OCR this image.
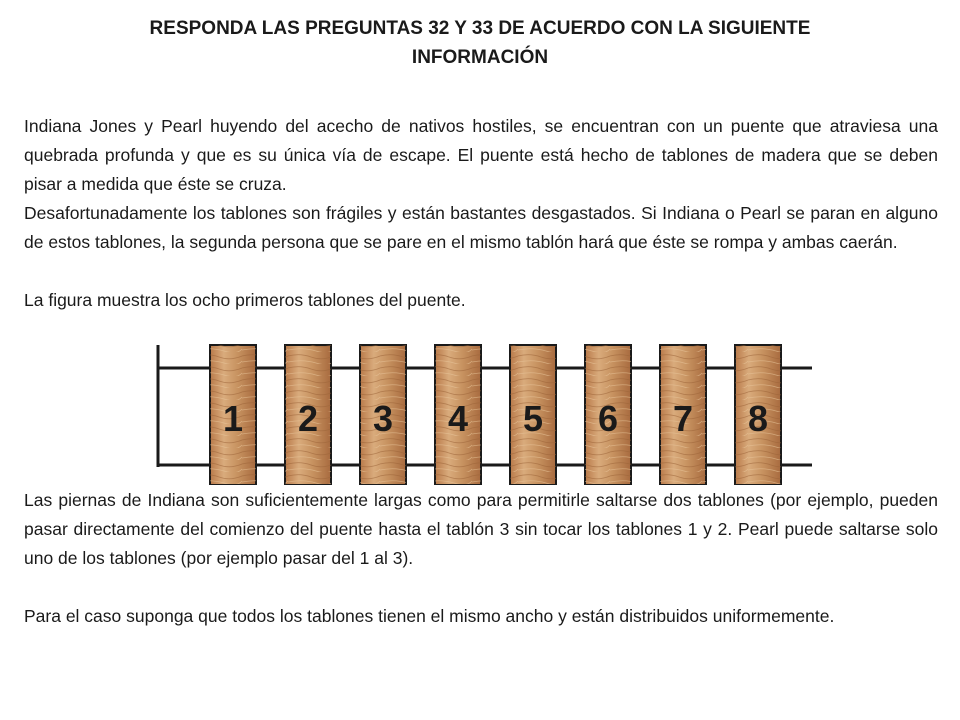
RESPONDA LAS PREGUNTAS 32 Y 33 DE ACUERDO CON LA SIGUIENTE INFORMACIÓN

Indiana Jones y Pearl huyendo del acecho de nativos hostiles, se encuentran con un puente que atraviesa una quebrada profunda y que es su única vía de escape. El puente está hecho de tablones de madera que se deben pisar a medida que éste se cruza.

Desafortunadamente los tablones son frágiles y están bastantes desgastados. Si Indiana o Pearl se paran en alguno de estos tablones, la segunda persona que se pare en el mismo tablón hará que éste se rompa y ambas caerán.

La figura muestra los ocho primeros tablones del puente.

1 2 3 4 5 6 7 8

Las piernas de Indiana son suficientemente largas como para permitirle saltarse dos tablones (por ejemplo, pueden pasar directamente del comienzo del puente hasta el tablón 3 sin tocar los tablones 1 y 2. Pearl puede saltarse solo uno de los tablones (por ejemplo pasar del 1 al 3).

Para el caso suponga que todos los tablones tienen el mismo ancho y están distribuidos uniformemente.
